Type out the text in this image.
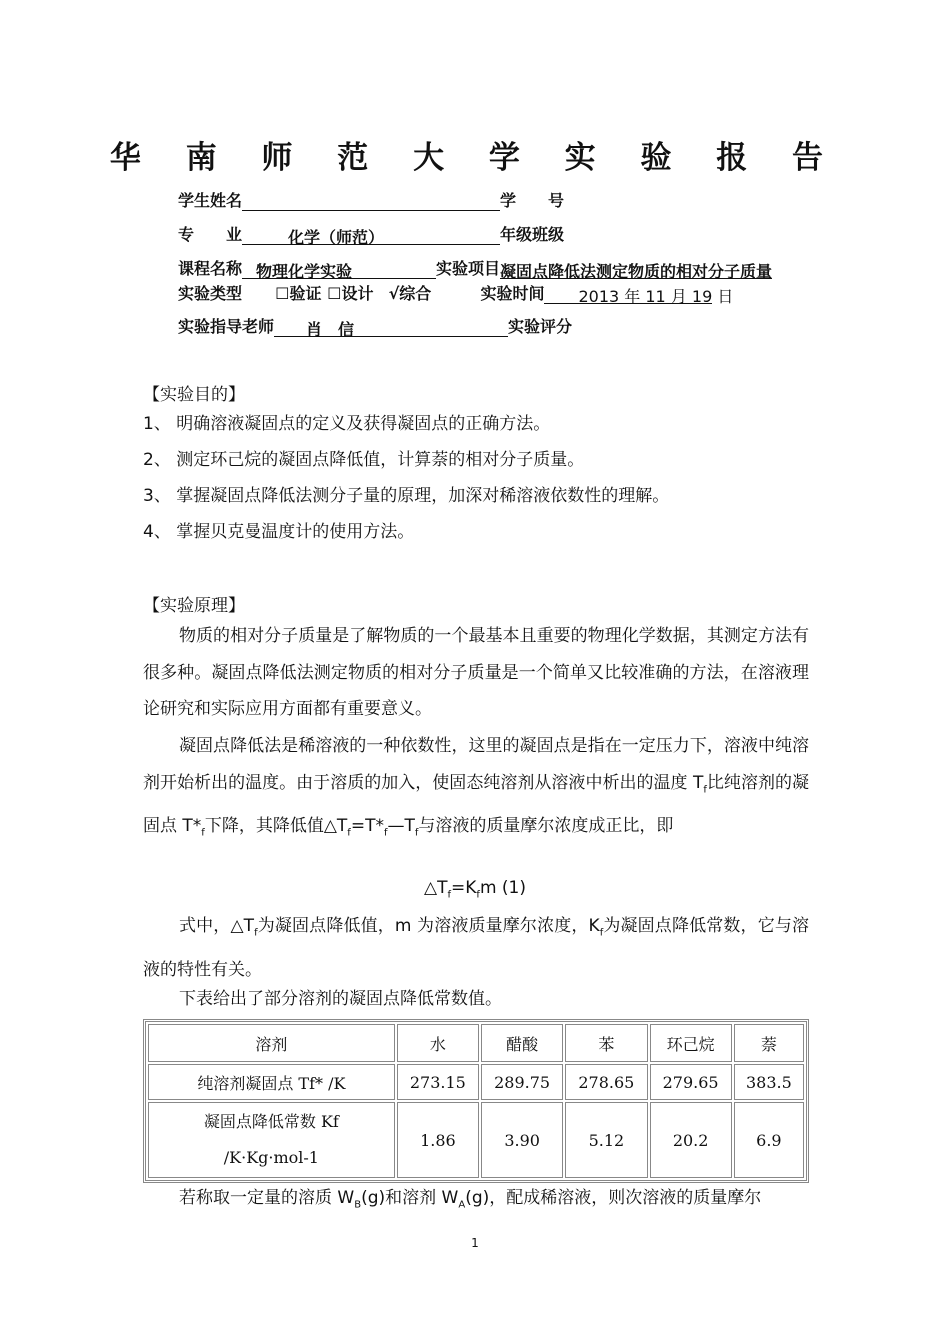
华 南 师 范 大 学 实 验 报 告
学生姓名	学　　号
专　　业	化学（师范）	年级班级
课程名称 物理化学实验	实验项目凝固点降低法测定物质的相对分子质量
实验类型 ☐验证 ☐设计 √综合	实验时间 2013 年 11 月 19 日
实验指导老师 肖　信	实验评分
【实验目的】
1、 明确溶液凝固点的定义及获得凝固点的正确方法。
2、 测定环己烷的凝固点降低值，计算萘的相对分子质量。
3、 掌握凝固点降低法测分子量的原理，加深对稀溶液依数性的理解。
4、 掌握贝克曼温度计的使用方法。
【实验原理】
物质的相对分子质量是了解物质的一个最基本且重要的物理化学数据，其测定方法有很多种。凝固点降低法测定物质的相对分子质量是一个简单又比较准确的方法，在溶液理论研究和实际应用方面都有重要意义。
凝固点降低法是稀溶液的一种依数性，这里的凝固点是指在一定压力下，溶液中纯溶剂开始析出的温度。由于溶质的加入，使固态纯溶剂从溶液中析出的温度 $T_f$比纯溶剂的凝固点 $T*_f$下降，其降低值$\triangle T_f=T*_f—T_f$与溶液的质量摩尔浓度成正比，即
$\triangle T_f=K_fm$ (1)
式中，$\triangle T_f$为凝固点降低值，m 为溶液质量摩尔浓度，$K_f$为凝固点降低常数，它与溶液的特性有关。
下表给出了部分溶剂的凝固点降低常数值。
溶剂	水	醋酸	苯	环己烷	萘
纯溶剂凝固点 Tf* /K	273.15	289.75	278.65	279.65	383.5

凝固点降低常数 Kf
/K·Kg·mol-1	1.86	3.90	5.12	20.2	6.9
若称取一定量的溶质 $W_B(g)$和溶剂 $W_A(g)$，配成稀溶液，则次溶液的质量摩尔
1
